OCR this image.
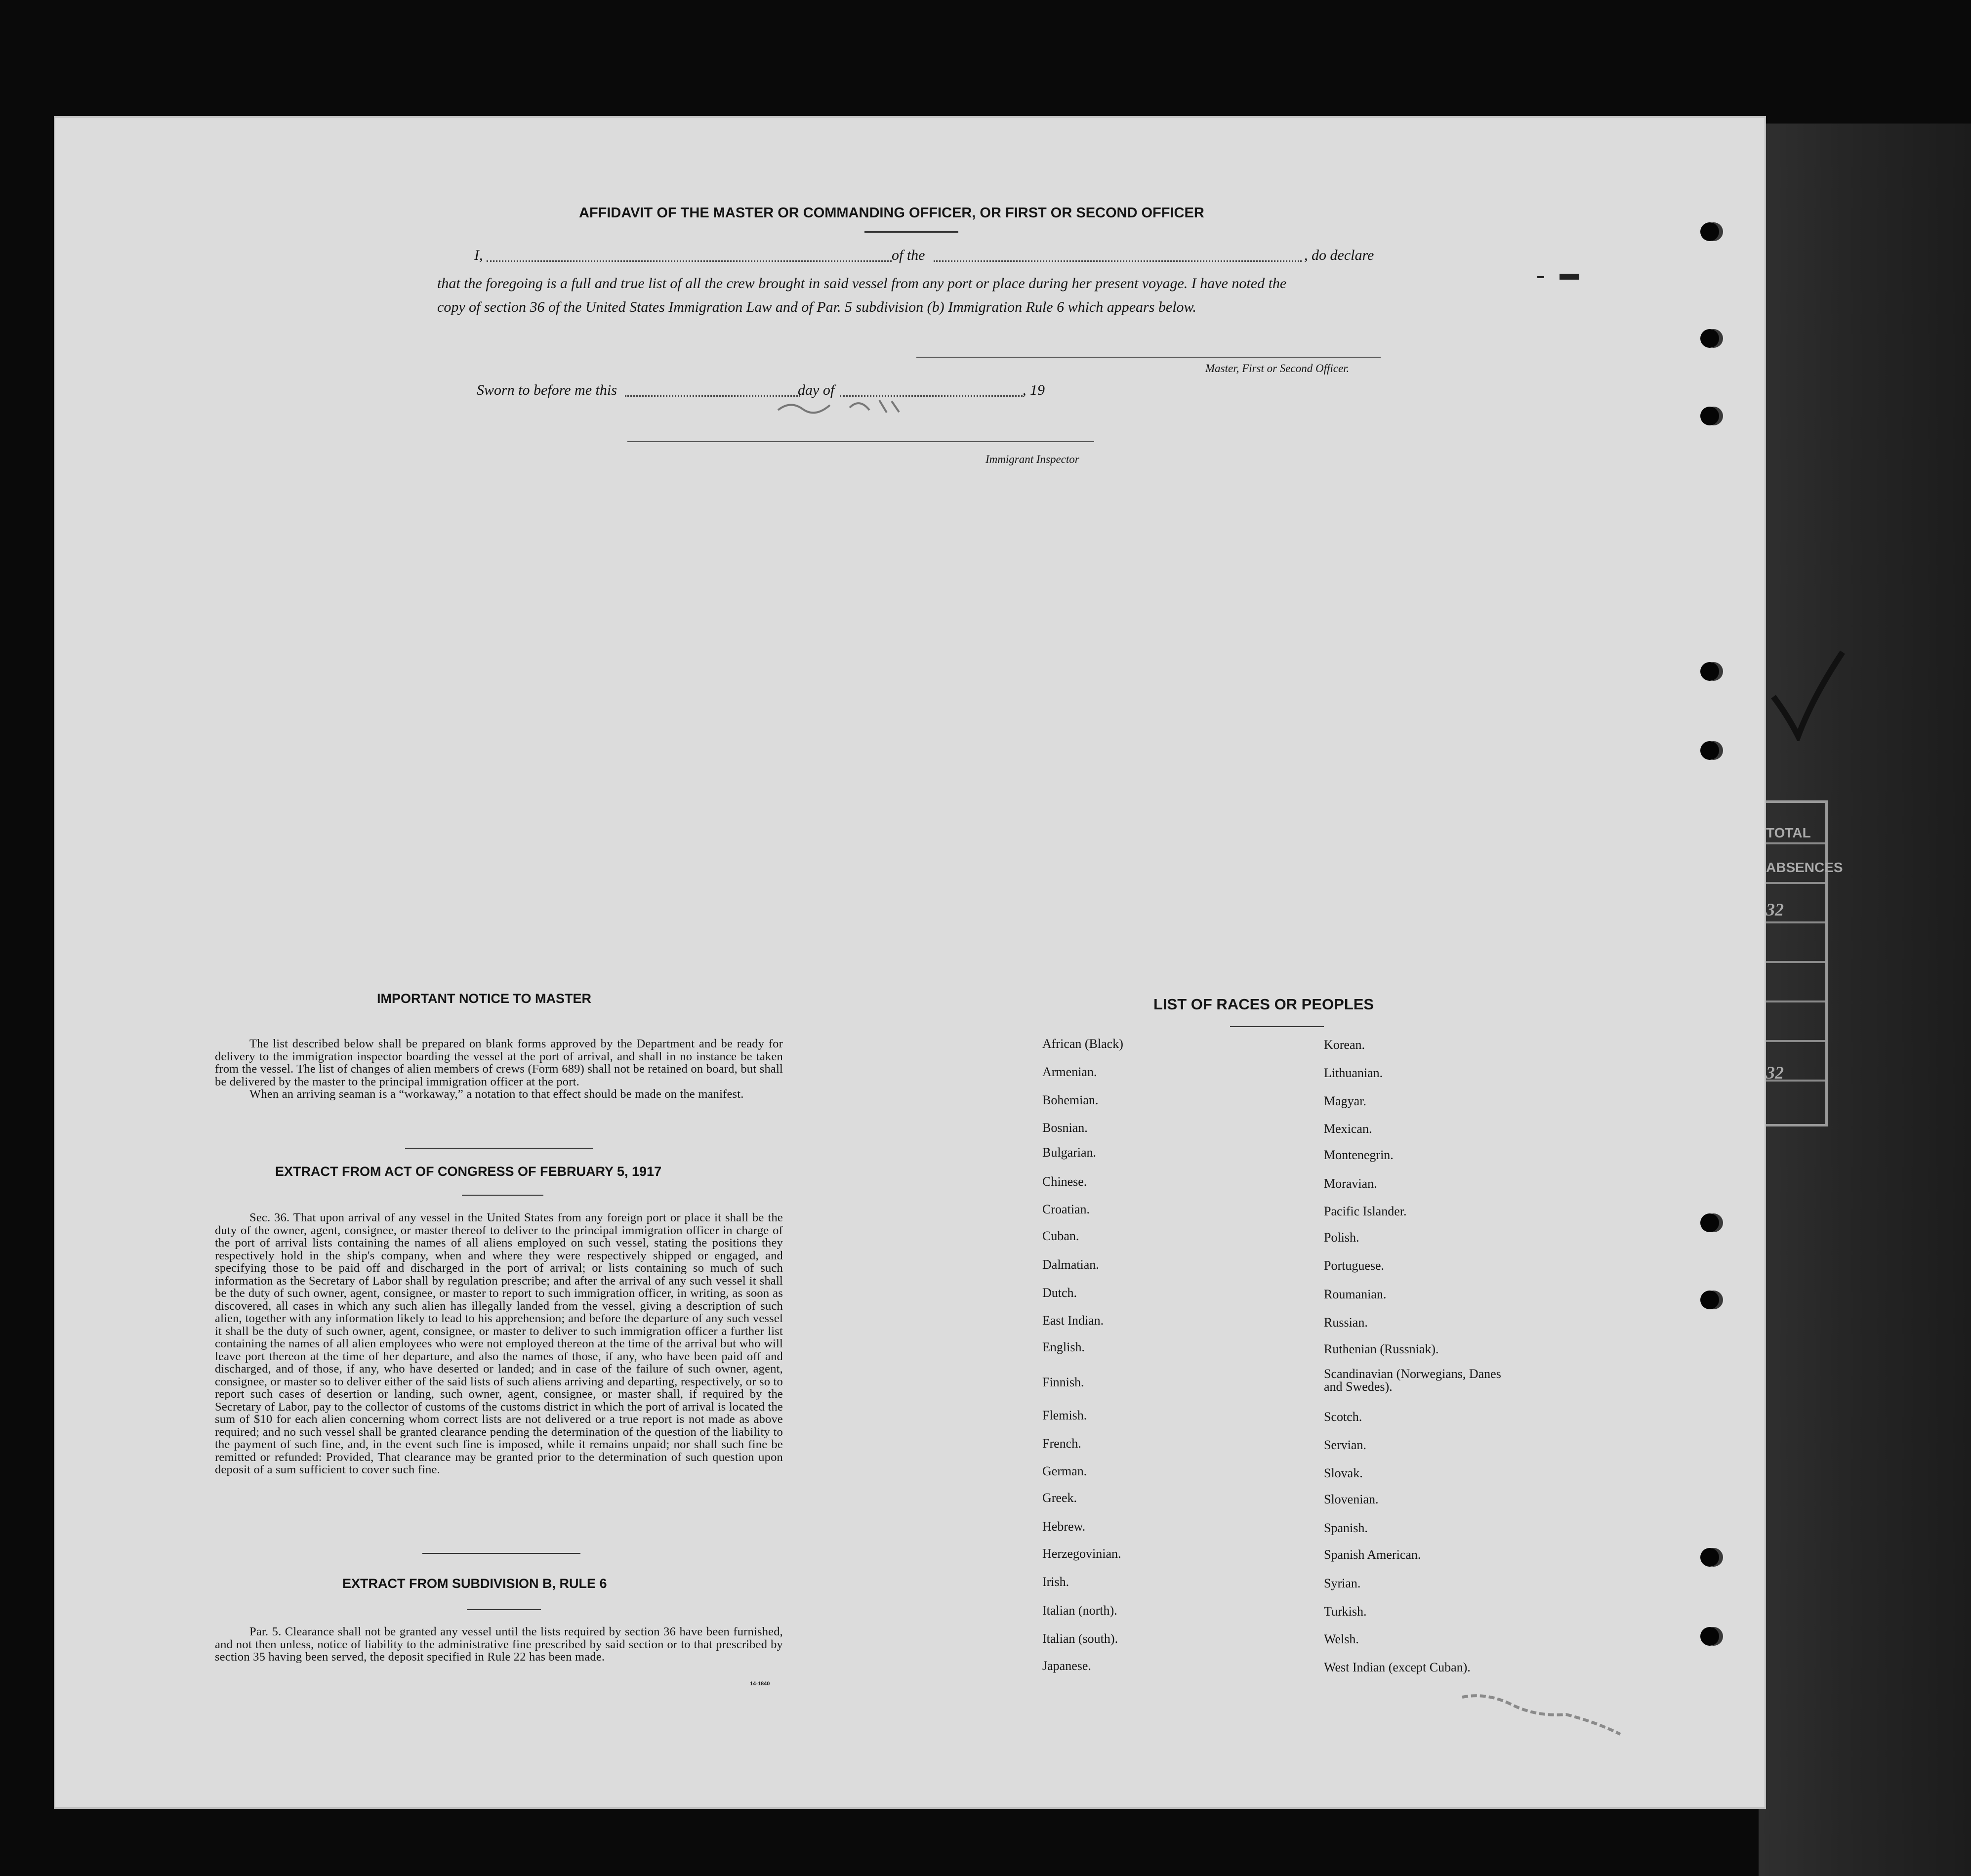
TOTAL
ABSENCES
32
32
AFFIDAVIT OF THE MASTER OR COMMANDING OFFICER, OR FIRST OR SECOND OFFICER
I,	of the	, do declare
that the foregoing is a full and true list of all the crew brought in said vessel from any port or place during her present voyage. I have noted the
copy of section 36 of the United States Immigration Law and of Par. 5 subdivision (b) Immigration Rule 6 which appears below.
Master, First or Second Officer.
Sworn to before me this	day of	, 19
Immigrant Inspector
IMPORTANT NOTICE TO MASTER

The list described below shall be prepared on blank forms approved by the Department and be ready for delivery to the immigration inspector boarding the vessel at the port of arrival, and shall in no instance be taken from the vessel. The list of changes of alien members of crews (Form 689) shall not be retained on board, but shall be delivered by the master to the principal immigration officer at the port.

When an arriving seaman is a “workaway,” a notation to that effect should be made on the manifest.

EXTRACT FROM ACT OF CONGRESS OF FEBRUARY 5, 1917

Sec. 36. That upon arrival of any vessel in the United States from any foreign port or place it shall be the duty of the owner, agent, consignee, or master thereof to deliver to the principal immigration officer in charge of the port of arrival lists containing the names of all aliens employed on such vessel, stating the positions they respectively hold in the ship's company, when and where they were respectively shipped or engaged, and specifying those to be paid off and discharged in the port of arrival; or lists containing so much of such information as the Secretary of Labor shall by regulation prescribe; and after the arrival of any such vessel it shall be the duty of such owner, agent, consignee, or master to report to such immigration officer, in writing, as soon as discovered, all cases in which any such alien has illegally landed from the vessel, giving a description of such alien, together with any information likely to lead to his apprehension; and before the departure of any such vessel it shall be the duty of such owner, agent, consignee, or master to deliver to such immigration officer a further list containing the names of all alien employees who were not employed thereon at the time of the arrival but who will leave port thereon at the time of her departure, and also the names of those, if any, who have been paid off and discharged, and of those, if any, who have deserted or landed; and in case of the failure of such owner, agent, consignee, or master so to deliver either of the said lists of such aliens arriving and departing, respectively, or so to report such cases of desertion or landing, such owner, agent, consignee, or master shall, if required by the Secretary of Labor, pay to the collector of customs of the customs district in which the port of arrival is located the sum of $10 for each alien concerning whom correct lists are not delivered or a true report is not made as above required; and no such vessel shall be granted clearance pending the determination of the question of the liability to the payment of such fine, and, in the event such fine is imposed, while it remains unpaid; nor shall such fine be remitted or refunded: Provided, That clearance may be granted prior to the determination of such question upon deposit of a sum sufficient to cover such fine.

EXTRACT FROM SUBDIVISION B, RULE 6

Par. 5. Clearance shall not be granted any vessel until the lists required by section 36 have been furnished, and not then unless, notice of liability to the administrative fine prescribed by said section or to that prescribed by section 35 having been served, the deposit specified in Rule 22 has been made.

14-1840
LIST OF RACES OR PEOPLES
African (Black)
Armenian.
Bohemian.
Bosnian.
Bulgarian.
Chinese.
Croatian.
Cuban.
Dalmatian.
Dutch.
East Indian.
English.
Finnish.
Flemish.
French.
German.
Greek.
Hebrew.
Herzegovinian.
Irish.
Italian (north).
Italian (south).
Japanese.
Korean.
Lithuanian.
Magyar.
Mexican.
Montenegrin.
Moravian.
Pacific Islander.
Polish.
Portuguese.
Roumanian.
Russian.
Ruthenian (Russniak).
Scandinavian (Norwegians, Danes and Swedes).
Scotch.
Servian.
Slovak.
Slovenian.
Spanish.
Spanish American.
Syrian.
Turkish.
Welsh.
West Indian (except Cuban).
